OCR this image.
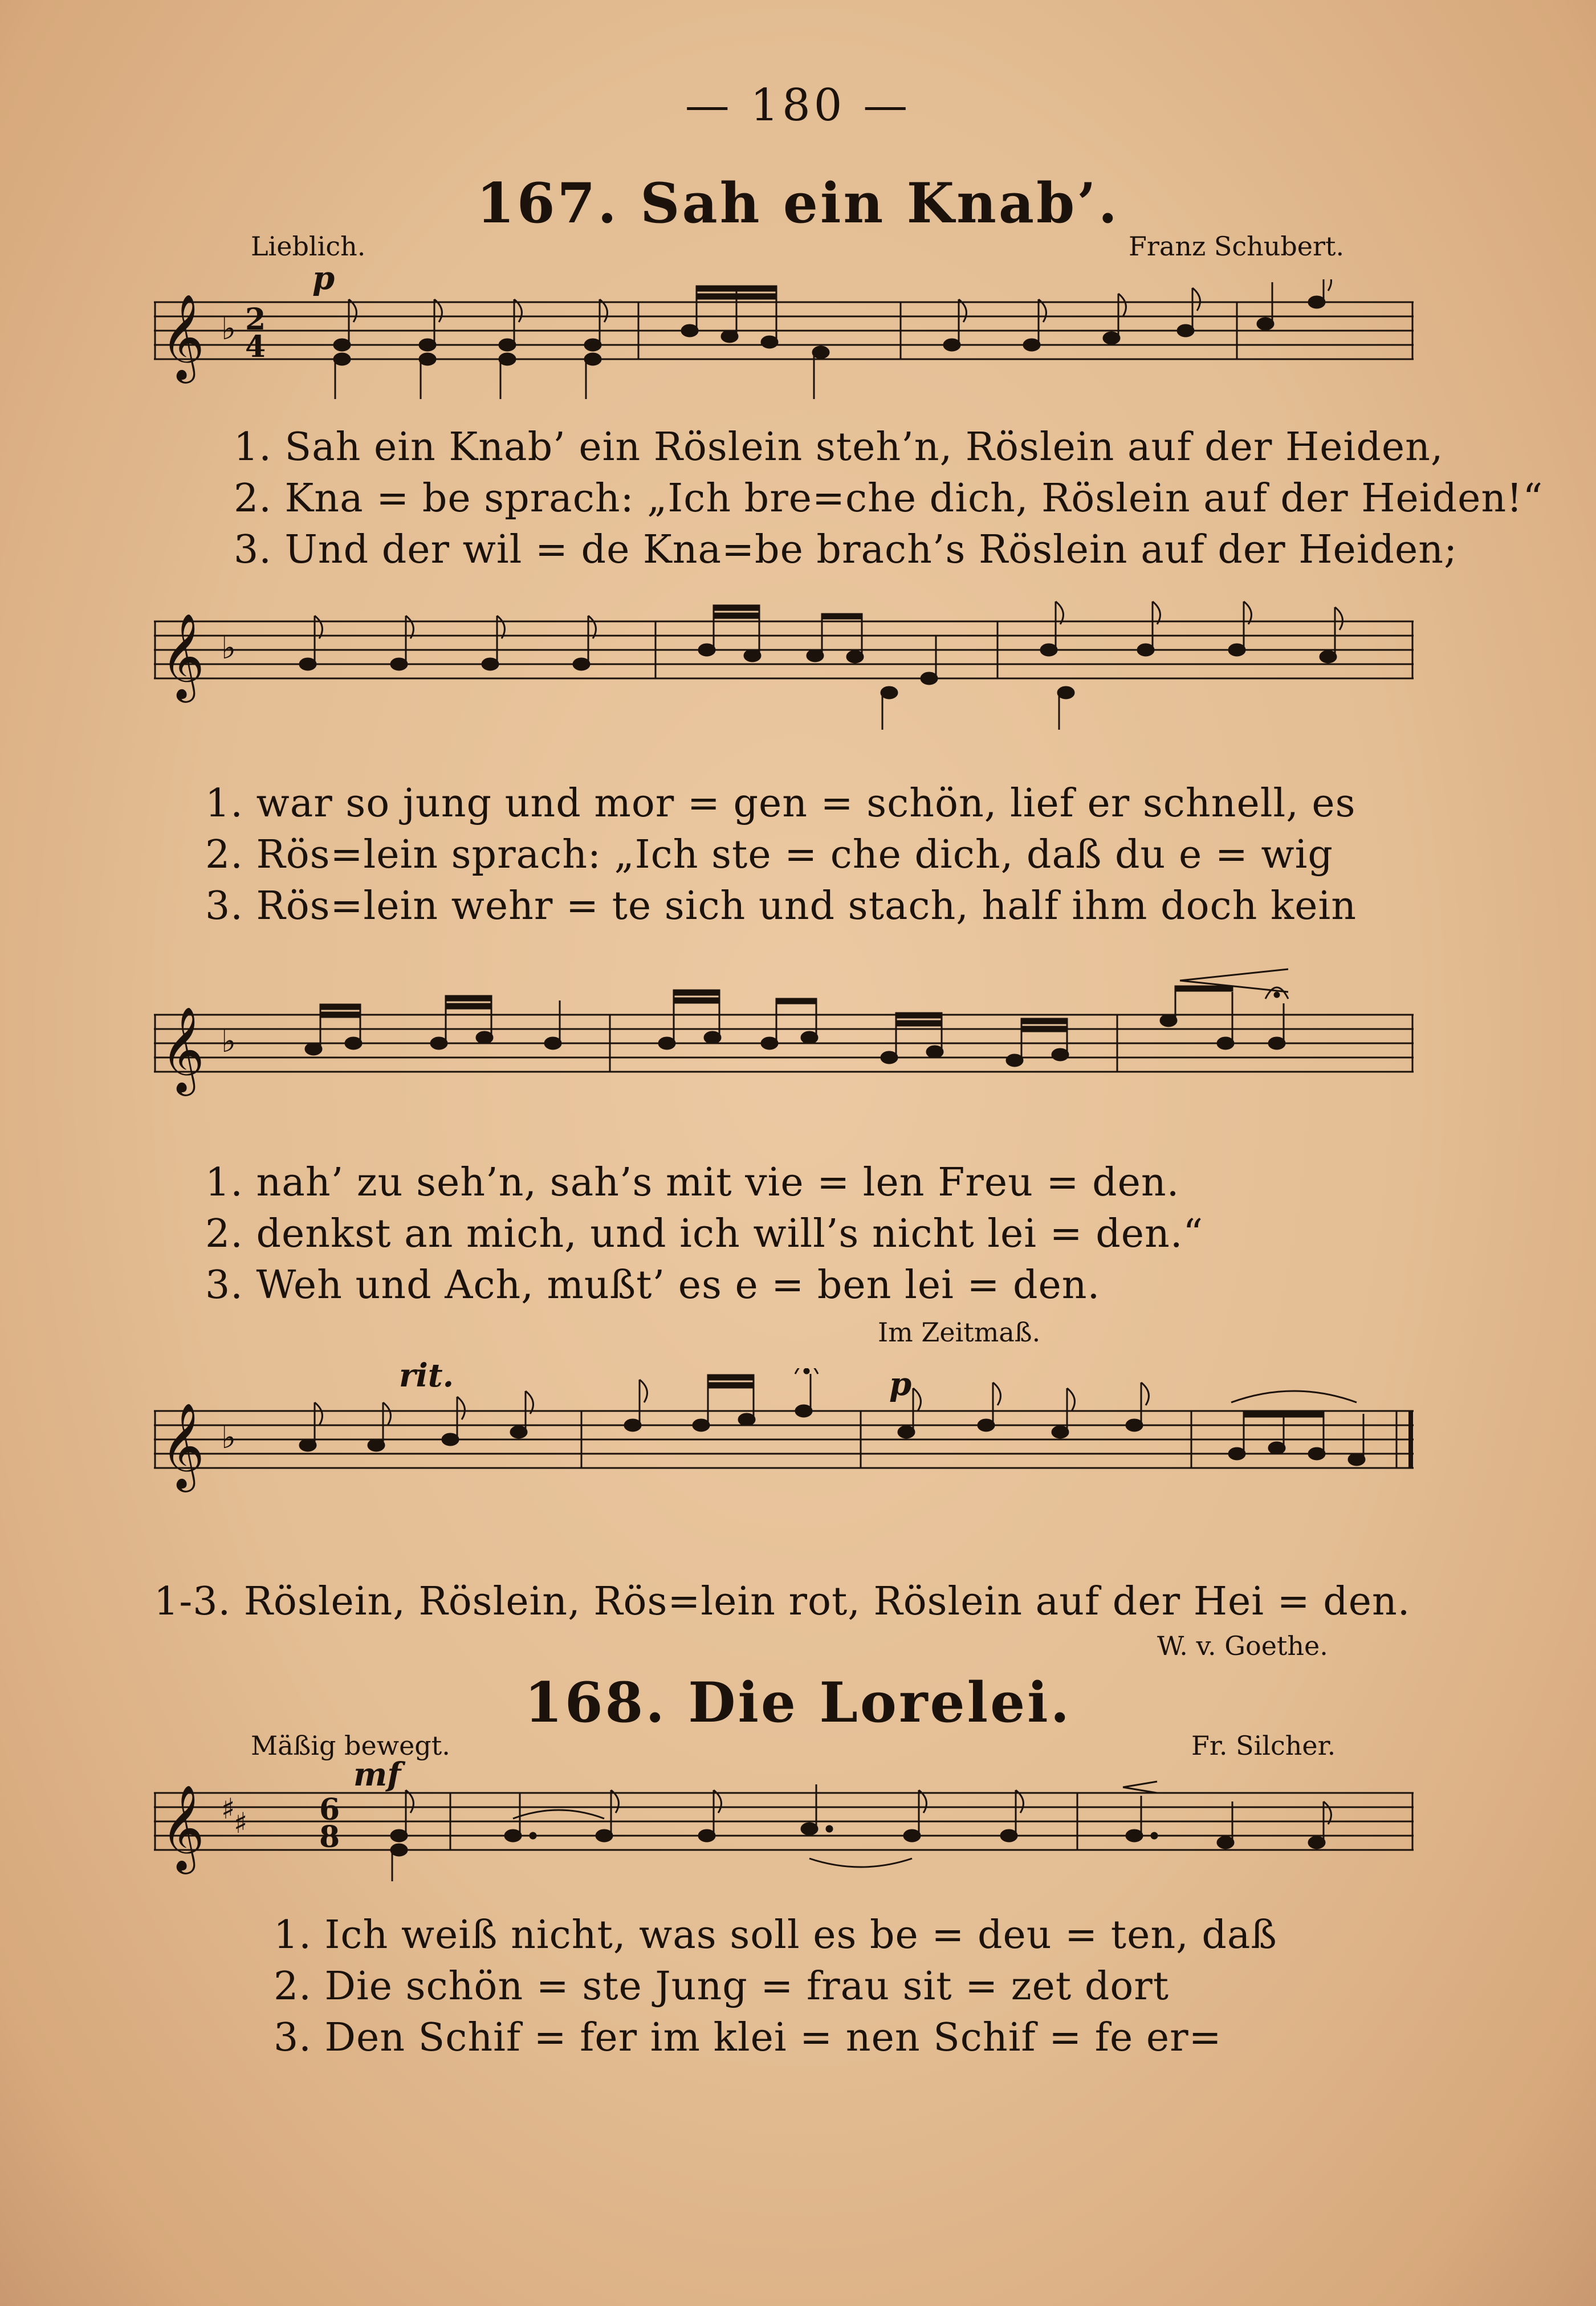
— 180 —
167. Sah ein Knab’.
Lieblich.	Franz Schubert.
p
𝄞 ♭ 2
4
1. Sah ein Knab’ ein Röslein steh’n, Röslein auf der Heiden,
2. Kna = be sprach: „Ich bre=che dich, Röslein auf der Heiden!“
3. Und der wil = de Kna=be brach’s Röslein auf der Heiden;
𝄞 ♭
1. war so jung und mor = gen = schön, lief er schnell, es
2. Rös=lein sprach: „Ich ste = che dich, daß du e = wig
3. Rös=lein wehr = te sich und stach, half ihm doch kein
𝄞 ♭
1. nah’ zu seh’n, sah’s mit vie = len Freu = den.
2. denkst an mich, und ich will’s nicht lei = den.“
3. Weh und Ach, mußt’ es e = ben lei = den.
Im Zeitmaß.
rit.	p
𝄞 ♭
1-3. Röslein, Röslein, Rös=lein rot, Röslein auf der Hei = den.
W. v. Goethe.
168. Die Lorelei.
Mäßig bewegt.	Fr. Silcher.
mf
𝄞 ♯
♯ 6
8
1. Ich weiß nicht, was soll es be = deu = ten, daß
2. Die schön = ste Jung = frau sit = zet dort
3. Den Schif = fer im klei = nen Schif = fe er=
